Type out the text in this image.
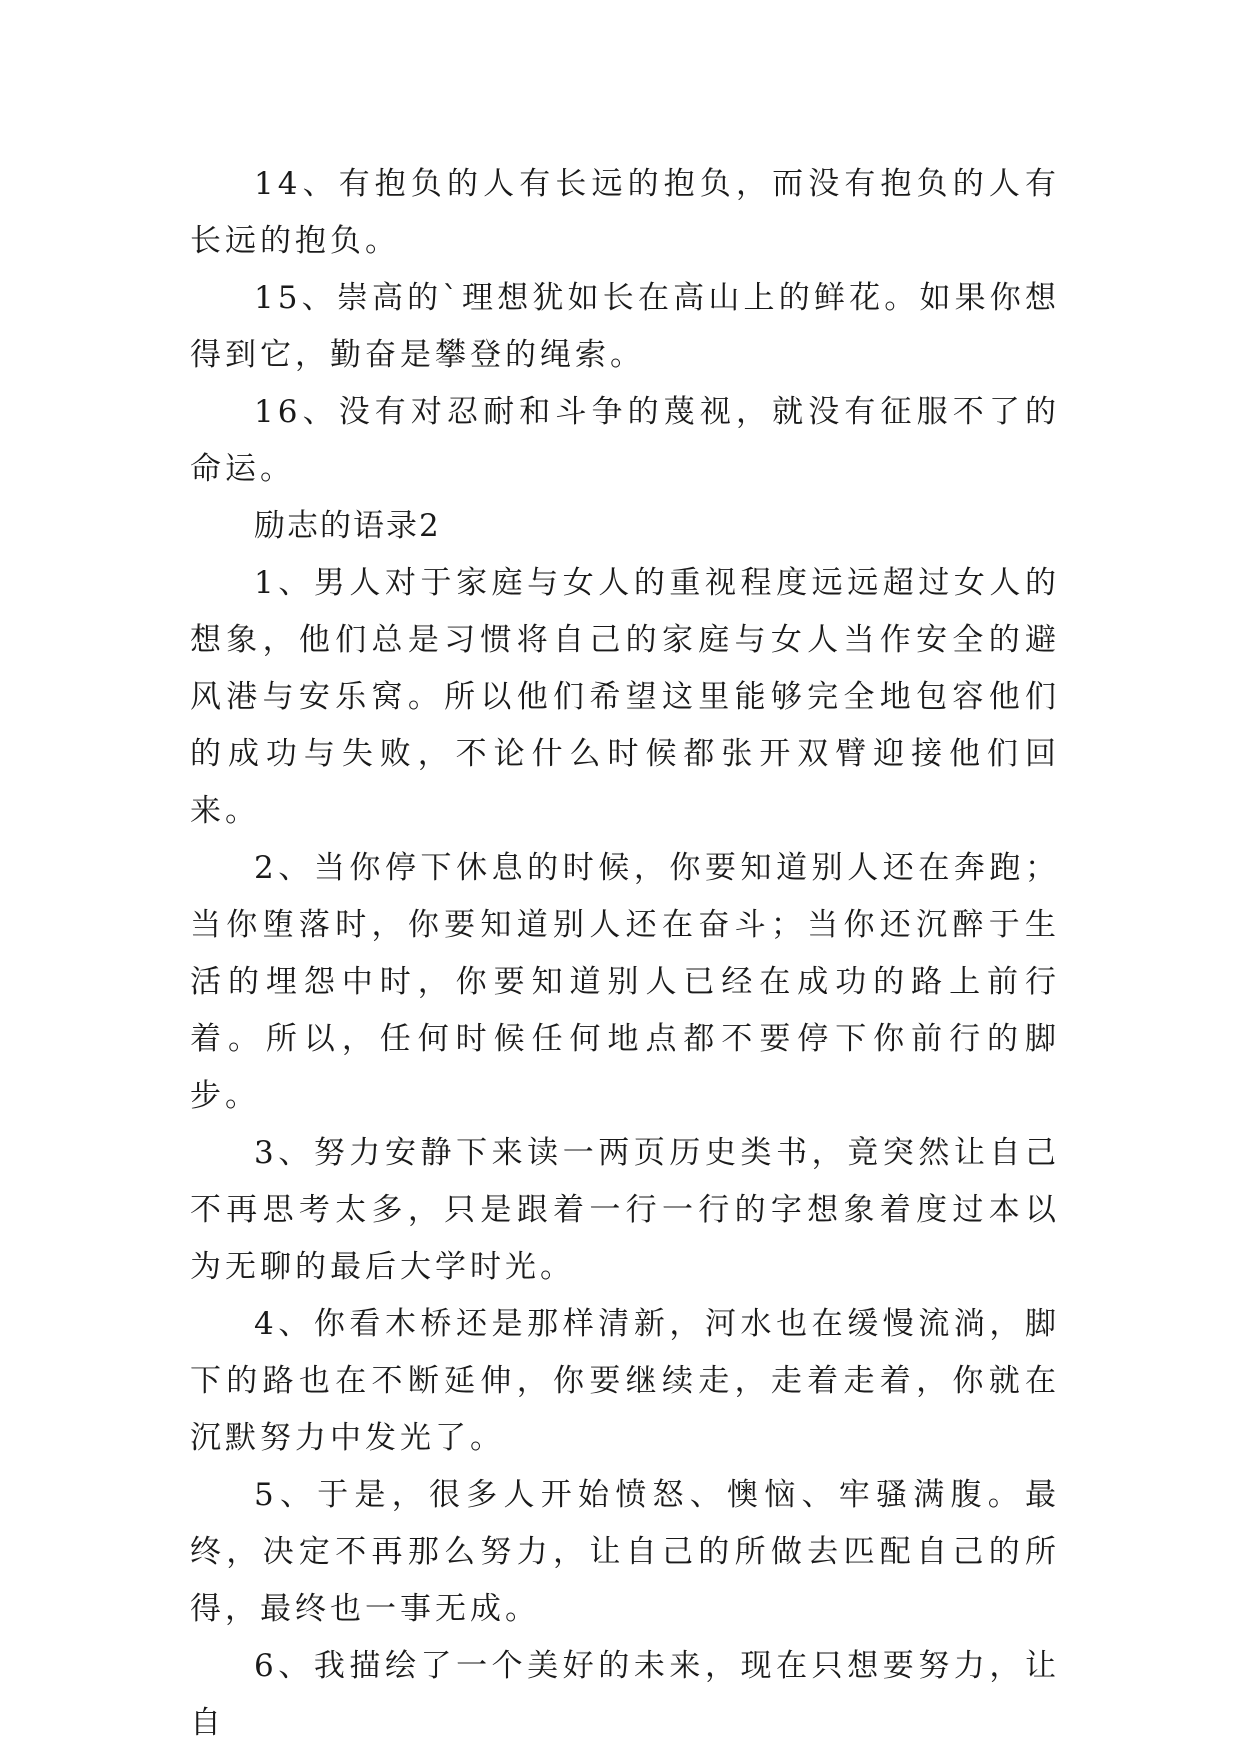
14、有抱负的人有长远的抱负，而没有抱负的人有长远的抱负。

15、崇高的`理想犹如长在高山上的鲜花。如果你想得到它，勤奋是攀登的绳索。

16、没有对忍耐和斗争的蔑视，就没有征服不了的命运。

励志的语录2

1、男人对于家庭与女人的重视程度远远超过女人的想象，他们总是习惯将自己的家庭与女人当作安全的避风港与安乐窝。所以他们希望这里能够完全地包容他们的成功与失败，不论什么时候都张开双臂迎接他们回来。

2、当你停下休息的时候，你要知道别人还在奔跑；当你堕落时，你要知道别人还在奋斗；当你还沉醉于生活的埋怨中时，你要知道别人已经在成功的路上前行着。所以，任何时候任何地点都不要停下你前行的脚步。

3、努力安静下来读一两页历史类书，竟突然让自己不再思考太多，只是跟着一行一行的字想象着度过本以为无聊的最后大学时光。

4、你看木桥还是那样清新，河水也在缓慢流淌，脚下的路也在不断延伸，你要继续走，走着走着，你就在沉默努力中发光了。

5、于是，很多人开始愤怒、懊恼、牢骚满腹。最终，决定不再那么努力，让自己的所做去匹配自己的所得，最终也一事无成。

6、我描绘了一个美好的未来，现在只想要努力，让自
